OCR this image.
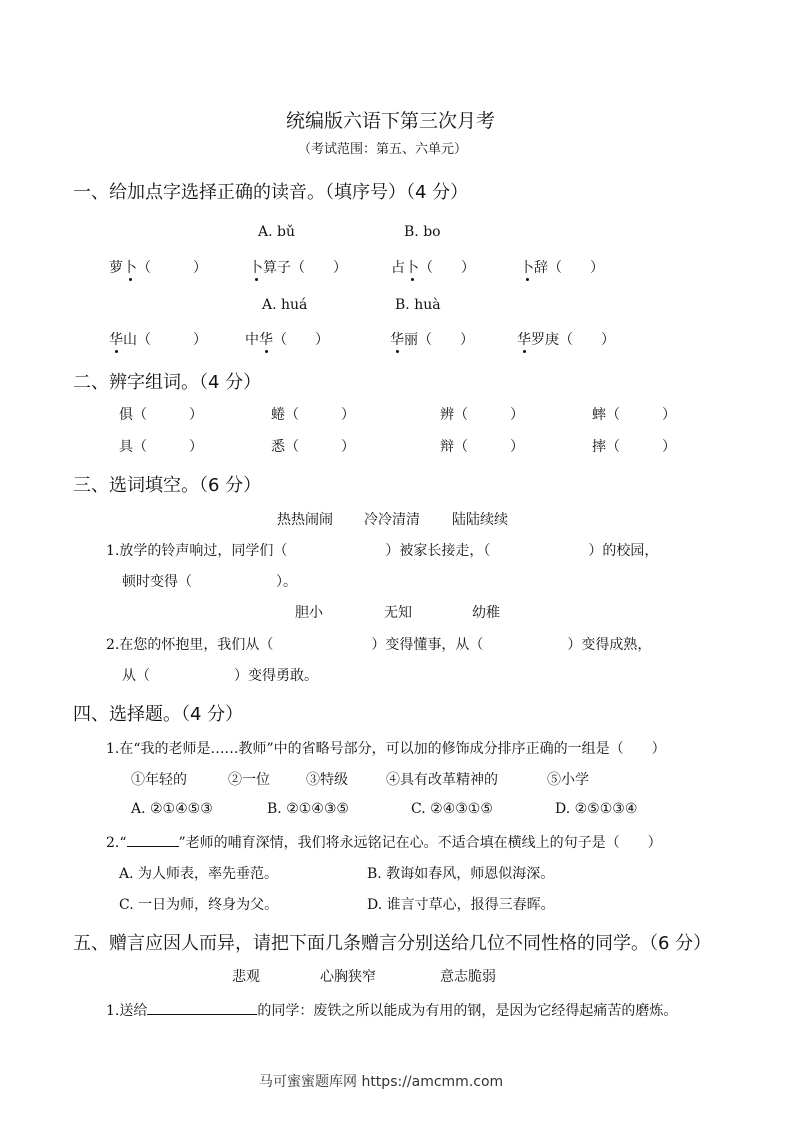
统编版六语下第三次月考
（考试范围：第五、六单元）
一、给加点字选择正确的读音。（填序号）（4 分）
A. bǔ	B. bo
萝卜（　　　）	卜算子（　　）	占卜（　　）	卜辞（　　）
A. huá	B. huà
华山（　　　）	中华（　　）	华丽（　　）	华罗庚（　　）
二、辨字组词。（4 分）
俱（　　　）	蜷（　　　）	辨（　　　）	蟀（　　　）
具（　　　）	悉（　　　）	辩（　　　）	摔（　　　）
三、选词填空。（6 分）
热热闹闹 冷冷清清 陆陆续续
1.放学的铃声响过，同学们（　　　　　　　）被家长接走，（　　　　　　　）的校园，
顿时变得（　　　　　　）。
胆小	无知	幼稚
2.在您的怀抱里，我们从（　　　　　　　）变得懂事，从（　　　　　　）变得成熟，
从（　　　　　　）变得勇敢。
四、选择题。（4 分）
1.在“我的老师是……教师”中的省略号部分，可以加的修饰成分排序正确的一组是（　　）
①年轻的	②一位	③特级	④具有改革精神的	⑤小学
A. ②①④⑤③	B. ②①④③⑤	C. ②④③①⑤	D. ②⑤①③④
2.“	”老师的哺育深情，我们将永远铭记在心。不适合填在横线上的句子是（　　）
A. 为人师表，率先垂范。	B. 教诲如春风，师恩似海深。
C. 一日为师，终身为父。	D. 谁言寸草心，报得三春晖。
五、赠言应因人而异，请把下面几条赠言分别送给几位不同性格的同学。（6 分）
悲观	心胸狭窄	意志脆弱
1.送给	的同学：废铁之所以能成为有用的钢，是因为它经得起痛苦的磨炼。
马可蜜蜜题库网 https://amcmm.com
